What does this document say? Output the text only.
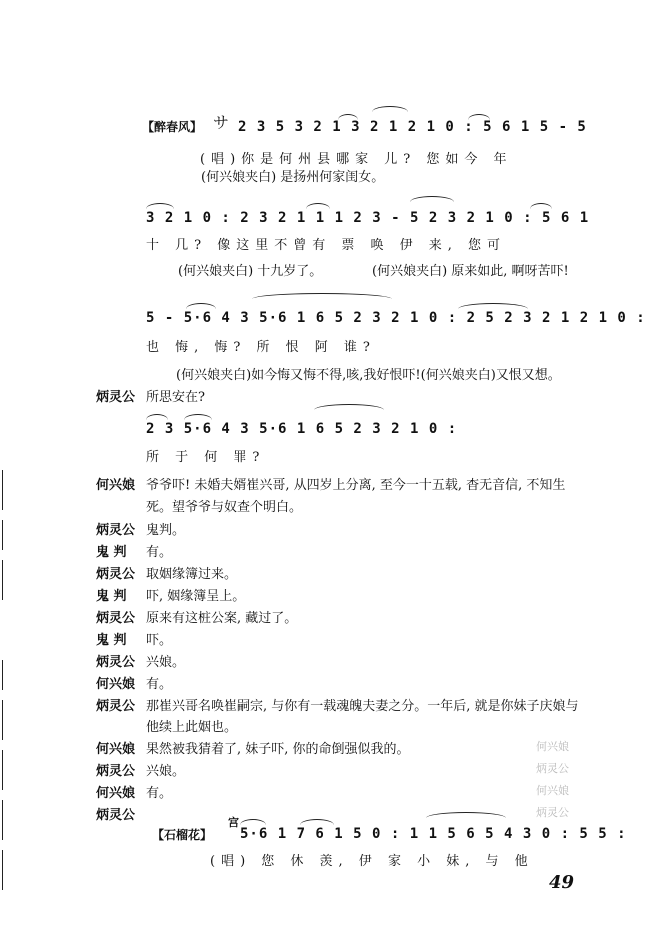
【醉春风】 サ 2 3 5 3 2 1 3 2 1 2 1 0 : 5 6 1 5 - 5
(唱)你是何州县哪家 儿? 您如今 年
(何兴娘夹白) 是扬州何家闺女。
3 2 1 0 : 2 3 2 1 1 1 2 3 - 5 2 3 2 1 0 : 5 6 1
十 几? 像这里不曾有 票 唤 伊 来, 您可
(何兴娘夹白) 十九岁了。	(何兴娘夹白) 原来如此, 啊呀苦吓!
5 - 5·6 4 3 5·6 1 6 5 2 3 2 1 0 : 2 5 2 3 2 1 2 1 0 :
也 悔, 悔? 所 恨 阿 谁?
(何兴娘夹白)如今悔又悔不得,咳,我好恨吓!(何兴娘夹白)又恨又想。
炳灵公 所思安在?
2 3 5·6 4 3 5·6 1 6 5 2 3 2 1 0 :
所 于 何 罪?
何兴娘 爷爷吓! 未婚夫婿崔兴哥, 从四岁上分离, 至今一十五载, 杳无音信, 不知生
死。望爷爷与奴查个明白。
炳灵公 鬼判。
鬼 判 有。
炳灵公 取姻缘簿过来。
鬼 判 吓, 姻缘簿呈上。
炳灵公 原来有这桩公案, 藏过了。
鬼 判 吓。
炳灵公 兴娘。
何兴娘 有。
炳灵公 那崔兴哥名唤崔嗣宗, 与你有一载魂魄夫妻之分。一年后, 就是你妹子庆娘与
他续上此姻也。
何兴娘 果然被我猜着了, 妹子吓, 你的命倒强似我的。
炳灵公 兴娘。
何兴娘 有。
炳灵公
何兴娘
炳灵公
何兴娘
炳灵公
【石榴花】
宫
5·6 1 7 6 1 5 0 : 1 1 5 6 5 4 3 0 : 5 5 :
(唱) 您 休 羡, 伊 家 小 妹, 与 他
49
